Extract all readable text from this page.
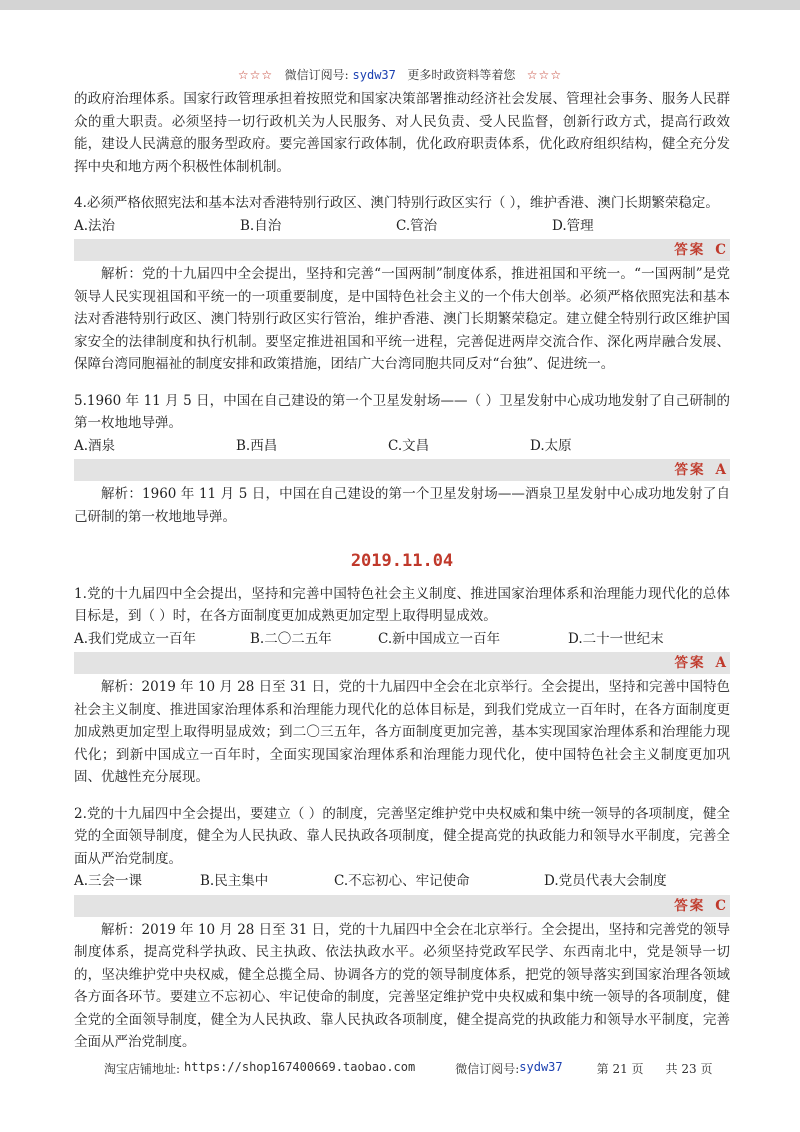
☆☆☆ 微信订阅号: sydw37 更多时政资料等着您 ☆☆☆

的政府治理体系。国家行政管理承担着按照党和国家决策部署推动经济社会发展、管理社会事务、服务人民群众的重大职责。必须坚持一切行政机关为人民服务、对人民负责、受人民监督，创新行政方式，提高行政效能，建设人民满意的服务型政府。要完善国家行政体制，优化政府职责体系，优化政府组织结构，健全充分发挥中央和地方两个积极性体制机制。

4.必须严格依照宪法和基本法对香港特别行政区、澳门特别行政区实行（ ），维护香港、澳门长期繁荣稳定。

A.法治	B.自治	C.管治	D.管理
答案 C

解析：党的十九届四中全会提出，坚持和完善“一国两制”制度体系，推进祖国和平统一。“一国两制”是党领导人民实现祖国和平统一的一项重要制度，是中国特色社会主义的一个伟大创举。必须严格依照宪法和基本法对香港特别行政区、澳门特别行政区实行管治，维护香港、澳门长期繁荣稳定。建立健全特别行政区维护国家安全的法律制度和执行机制。要坚定推进祖国和平统一进程，完善促进两岸交流合作、深化两岸融合发展、保障台湾同胞福祉的制度安排和政策措施，团结广大台湾同胞共同反对“台独”、促进统一。

5.1960 年 11 月 5 日，中国在自己建设的第一个卫星发射场——（ ）卫星发射中心成功地发射了自己研制的第一枚地地导弹。

A.酒泉	B.西昌	C.文昌	D.太原
答案 A

解析：1960 年 11 月 5 日，中国在自己建设的第一个卫星发射场——酒泉卫星发射中心成功地发射了自己研制的第一枚地地导弹。

2019.11.04

1.党的十九届四中全会提出，坚持和完善中国特色社会主义制度、推进国家治理体系和治理能力现代化的总体目标是，到（ ）时，在各方面制度更加成熟更加定型上取得明显成效。

A.我们党成立一百年	B.二〇二五年	C.新中国成立一百年	D.二十一世纪末
答案 A

解析：2019 年 10 月 28 日至 31 日，党的十九届四中全会在北京举行。全会提出，坚持和完善中国特色社会主义制度、推进国家治理体系和治理能力现代化的总体目标是，到我们党成立一百年时，在各方面制度更加成熟更加定型上取得明显成效；到二〇三五年，各方面制度更加完善，基本实现国家治理体系和治理能力现代化；到新中国成立一百年时，全面实现国家治理体系和治理能力现代化，使中国特色社会主义制度更加巩固、优越性充分展现。

2.党的十九届四中全会提出，要建立（ ）的制度，完善坚定维护党中央权威和集中统一领导的各项制度，健全党的全面领导制度，健全为人民执政、靠人民执政各项制度，健全提高党的执政能力和领导水平制度，完善全面从严治党制度。

A.三会一课	B.民主集中	C.不忘初心、牢记使命	D.党员代表大会制度
答案 C

解析：2019 年 10 月 28 日至 31 日，党的十九届四中全会在北京举行。全会提出，坚持和完善党的领导制度体系，提高党科学执政、民主执政、依法执政水平。必须坚持党政军民学、东西南北中，党是领导一切的，坚决维护党中央权威，健全总揽全局、协调各方的党的领导制度体系，把党的领导落实到国家治理各领域各方面各环节。要建立不忘初心、牢记使命的制度，完善坚定维护党中央权威和集中统一领导的各项制度，健全党的全面领导制度，健全为人民执政、靠人民执政各项制度，健全提高党的执政能力和领导水平制度，完善全面从严治党制度。

淘宝店铺地址: https://shop167400669.taobao.com	微信订阅号: sydw37	第 21 页 共 23 页
